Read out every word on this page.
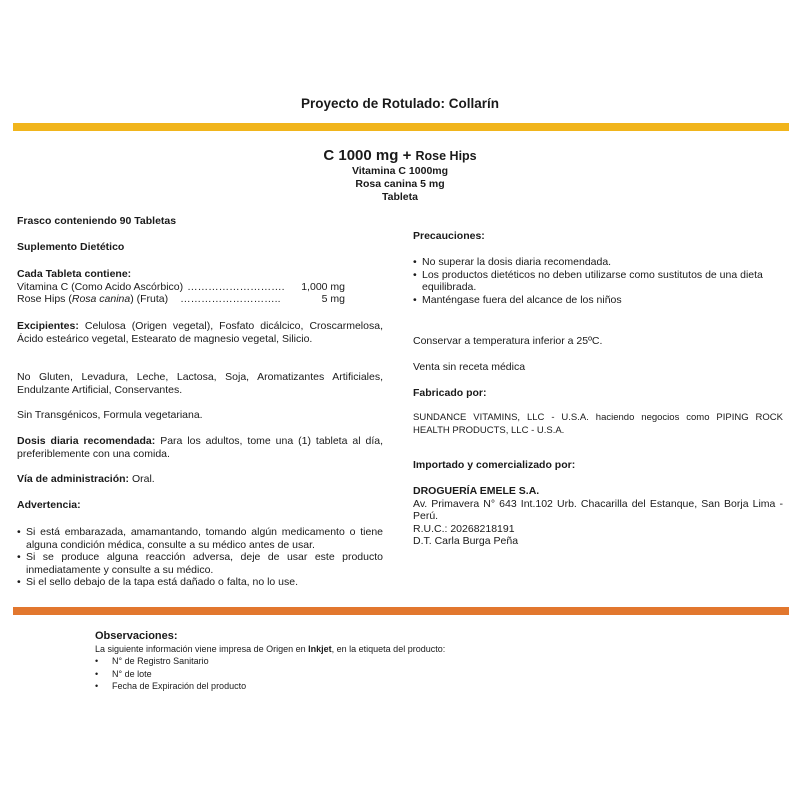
Proyecto de Rotulado: Collarín
C 1000 mg + Rose Hips
Vitamina C 1000mg
Rosa canina 5 mg
Tableta

Frasco conteniendo 90 Tabletas

Suplemento Dietético

Cada Tableta contiene:

Vitamina C (Como Acido Ascórbico) ……………………….	1,000 mg
Rose Hips (Rosa canina) (Fruta)	………………………..	5 mg

Excipientes: Celulosa (Origen vegetal), Fosfato dicálcico, Croscarmelosa, Ácido esteárico vegetal, Estearato de magnesio vegetal, Silicio.

No Gluten, Levadura, Leche, Lactosa, Soja, Aromatizantes Artificiales, Endulzante Artificial, Conservantes.

Sin Transgénicos, Formula vegetariana.

Dosis diaria recomendada: Para los adultos, tome una (1) tableta al día, preferiblemente con una comida.

Vía de administración: Oral.

Advertencia:

• Si está embarazada, amamantando, tomando algún medicamento o tiene alguna condición médica, consulte a su médico antes de usar.
• Si se produce alguna reacción adversa, deje de usar este producto inmediatamente y consulte a su médico.
• Si el sello debajo de la tapa está dañado o falta, no lo use.

Precauciones:

• No superar la dosis diaria recomendada.
• Los productos dietéticos no deben utilizarse como sustitutos de una dieta equilibrada.
• Manténgase fuera del alcance de los niños

Conservar a temperatura inferior a 25ºC.

Venta sin receta médica

Fabricado por:

SUNDANCE VITAMINS, LLC - U.S.A. haciendo negocios como PIPING ROCK HEALTH PRODUCTS, LLC - U.S.A.

Importado y comercializado por:

DROGUERÍA EMELE S.A.

Av. Primavera N° 643 Int.102 Urb. Chacarilla del Estanque, San Borja Lima - Perú.

R.U.C.: 20268218191

D.T. Carla Burga Peña

Observaciones:
La siguiente información viene impresa de Origen en Inkjet, en la etiqueta del producto:
• N° de Registro Sanitario
• N° de lote
• Fecha de Expiración del producto
